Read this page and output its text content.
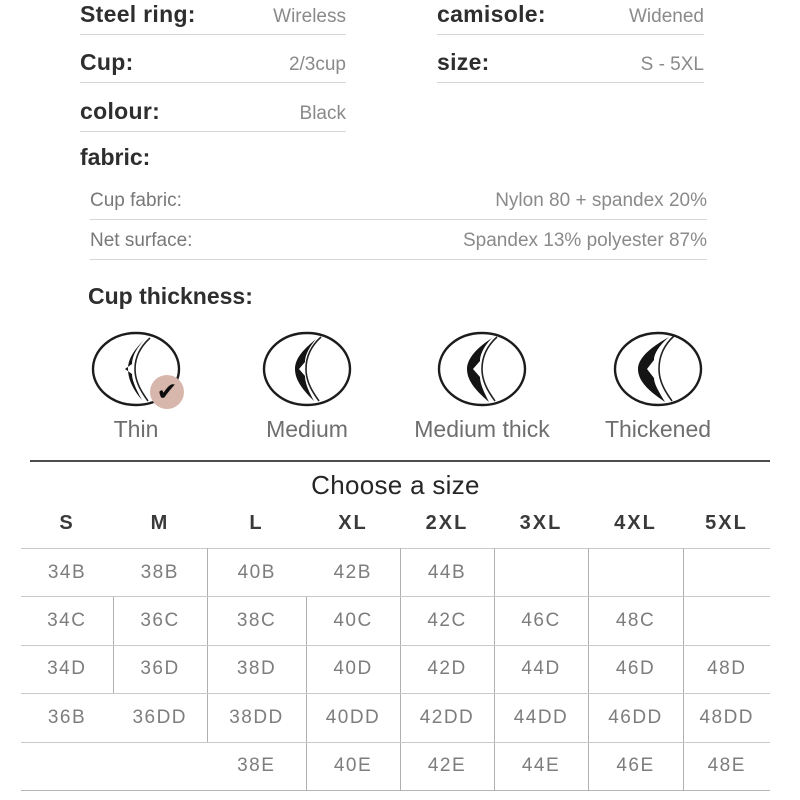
Steel ring:	Wireless
Cup:	2/3cup
colour:	Black
camisole:	Widened
size:	S - 5XL
fabric:
Cup fabric:	Nylon 80 + spandex 20%
Net surface:	Spandex 13% polyester 87%
Cup thickness:
✔
Thin	Medium	Medium thick	Thickened
Choose a size
S	M	L	XL	2XL	3XL	4XL	5XL
34B	38B	40B	42B	44B			
34C	36C	38C	40C	42C	46C	48C	
34D	36D	38D	40D	42D	44D	46D	48D
36B	36DD	38DD	40DD	42DD	44DD	46DD	48DD
		38E	40E	42E	44E	46E	48E
